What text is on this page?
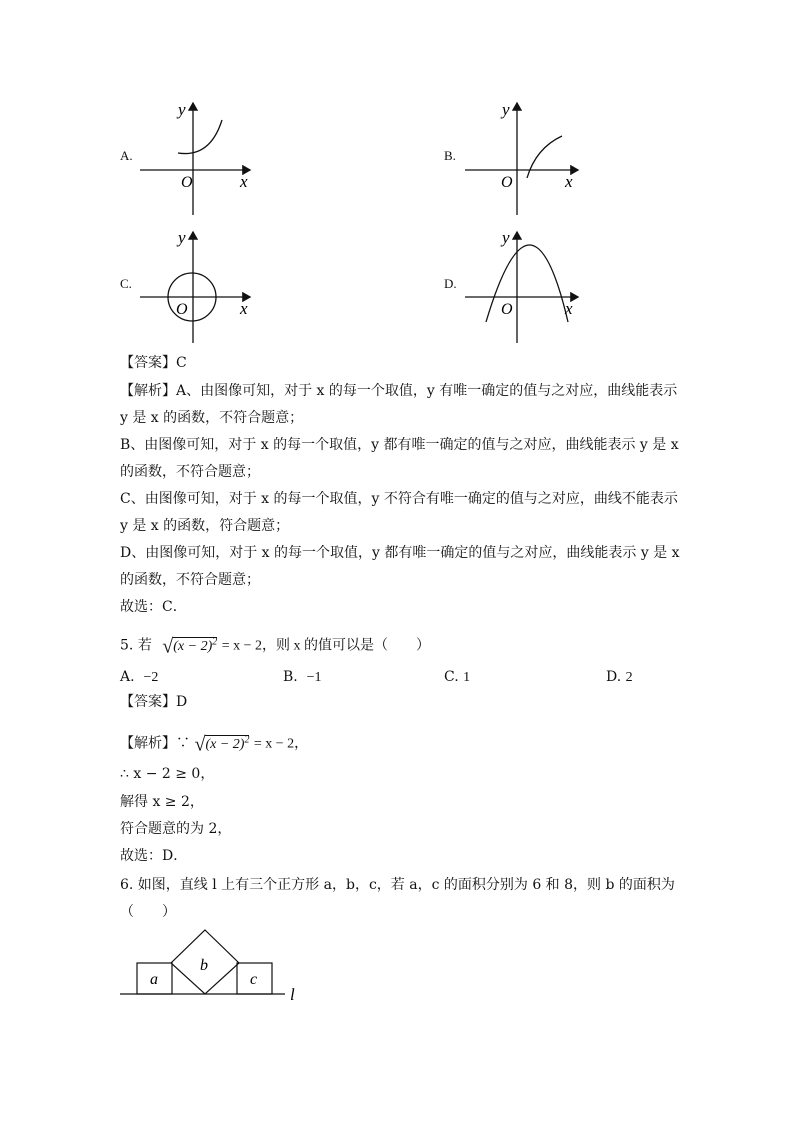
A.	B.
C.	D.
O	x
y
O	x
y
O	x
y
O	x
y
【答案】C
【解析】A、由图像可知，对于 x 的每一个取值，y 有唯一确定的值与之对应，曲线能表示
y 是 x 的函数，不符合题意；
B、由图像可知，对于 x 的每一个取值，y 都有唯一确定的值与之对应，曲线能表示 y 是 x
的函数，不符合题意；
C、由图像可知，对于 x 的每一个取值，y 不符合有唯一确定的值与之对应，曲线不能表示
y 是 x 的函数，符合题意；
D、由图像可知，对于 x 的每一个取值，y 都有唯一确定的值与之对应，曲线能表示 y 是 x
的函数，不符合题意；
故选：C．
5. 若 $√(x - 2)^2 = x - 2$，则 x 的值可以是（　　）
A. −2	B. −1	C. 1	D. 2
【答案】D
【解析】∵ $√(x - 2)^2 = x - 2$，
∴ x − 2 ≥ 0，
解得 x ≥ 2，
符合题意的为 2，
故选：D．
6. 如图，直线 l 上有三个正方形 a，b，c，若 a，c 的面积分别为 6 和 8，则 b 的面积为
（　　）
a
b
c
l
